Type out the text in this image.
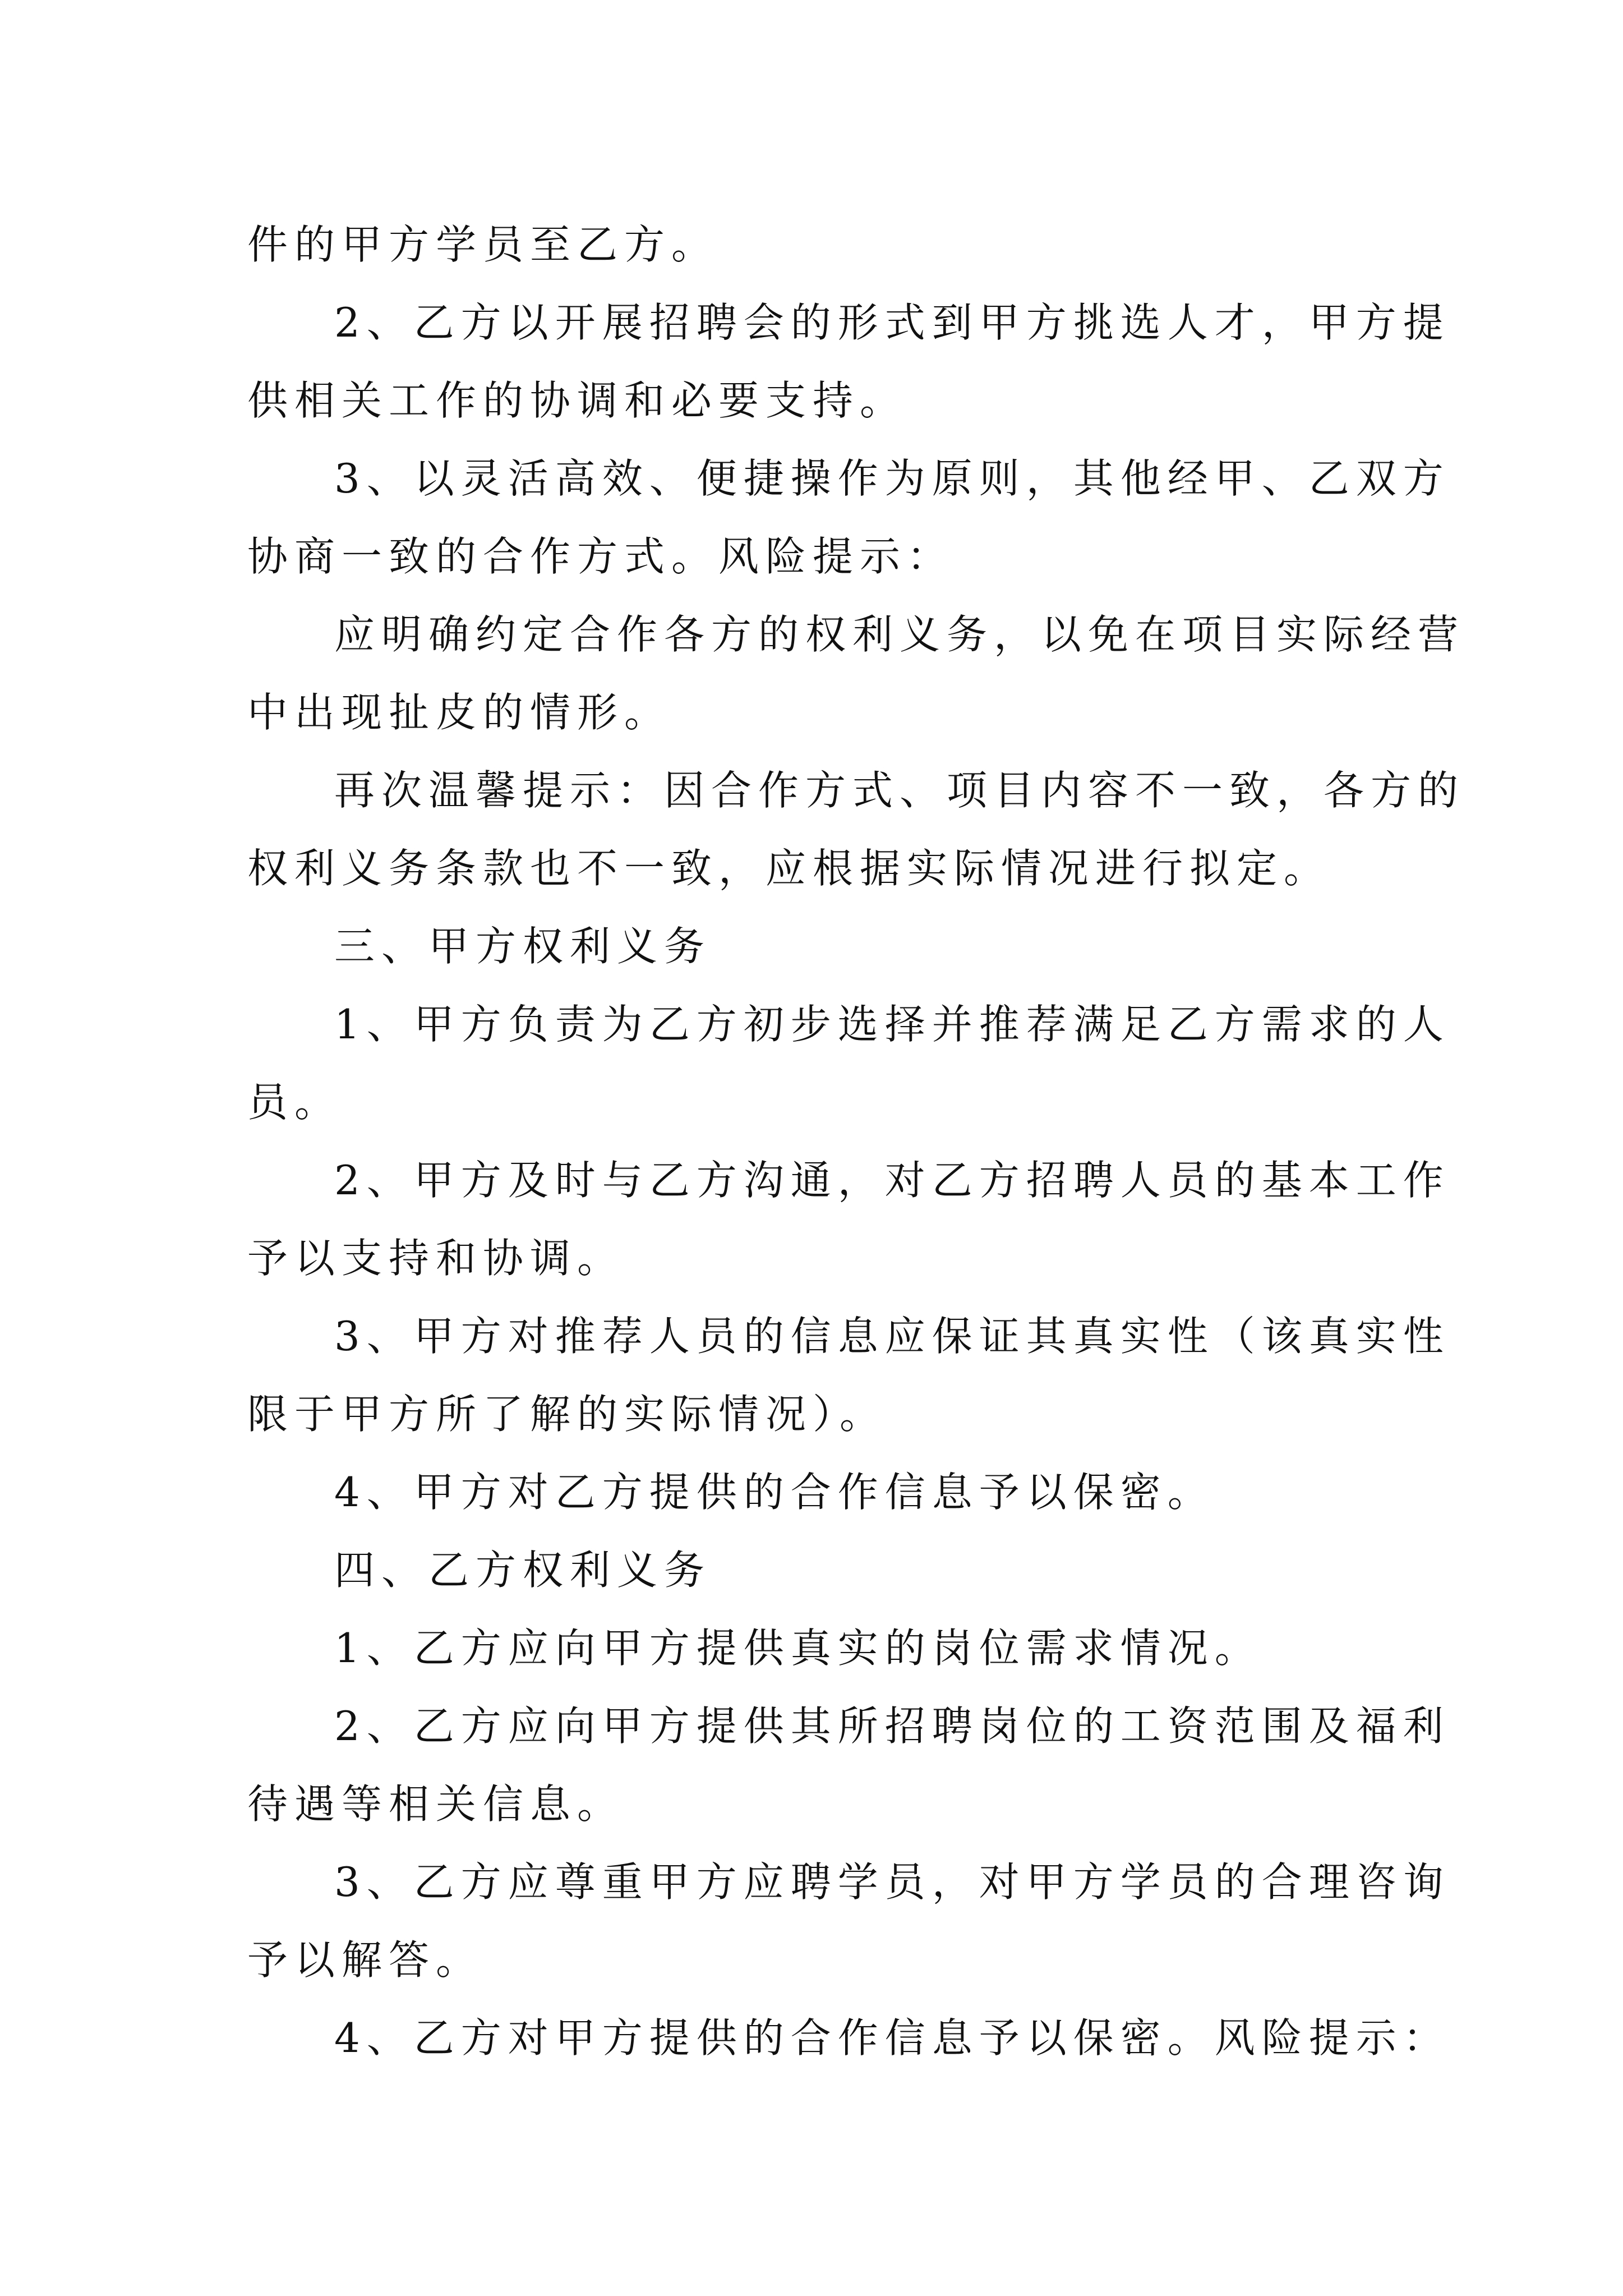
件的甲方学员至乙方。

2、乙方以开展招聘会的形式到甲方挑选人才，甲方提

供相关工作的协调和必要支持。

3、以灵活高效、便捷操作为原则，其他经甲、乙双方

协商一致的合作方式。风险提示：

应明确约定合作各方的权利义务，以免在项目实际经营

中出现扯皮的情形。

再次温馨提示：因合作方式、项目内容不一致，各方的

权利义务条款也不一致，应根据实际情况进行拟定。

三、甲方权利义务

1、甲方负责为乙方初步选择并推荐满足乙方需求的人

员。

2、甲方及时与乙方沟通，对乙方招聘人员的基本工作

予以支持和协调。

3、甲方对推荐人员的信息应保证其真实性（该真实性

限于甲方所了解的实际情况）。

4、甲方对乙方提供的合作信息予以保密。

四、乙方权利义务

1、乙方应向甲方提供真实的岗位需求情况。

2、乙方应向甲方提供其所招聘岗位的工资范围及福利

待遇等相关信息。

3、乙方应尊重甲方应聘学员，对甲方学员的合理咨询

予以解答。

4、乙方对甲方提供的合作信息予以保密。风险提示：
